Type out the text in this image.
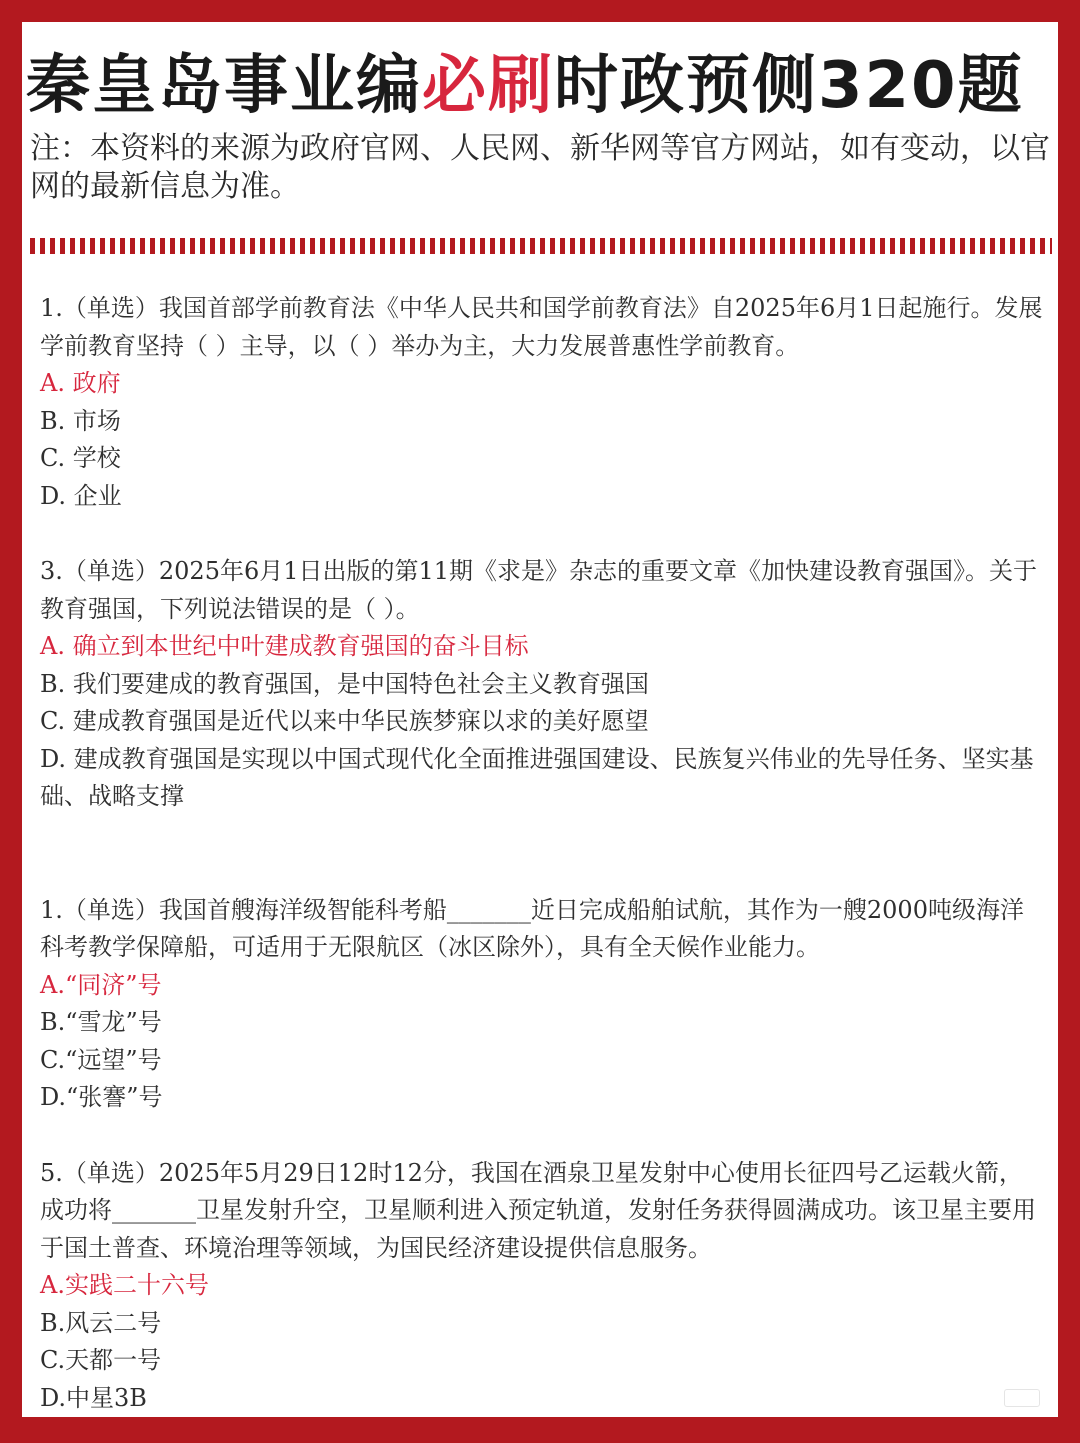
秦皇岛事业编必刷时政预侧320题
注：本资料的来源为政府官网、人民网、新华网等官方网站，如有变动，以官网的最新信息为准。

1.（单选）我国首部学前教育法《中华人民共和国学前教育法》自2025年6月1日起施行。发展学前教育坚持（ ）主导，以（ ）举办为主，大力发展普惠性学前教育。

A. 政府

B. 市场

C. 学校

D. 企业

3.（单选）2025年6月1日出版的第11期《求是》杂志的重要文章《加快建设教育强国》。关于教育强国，下列说法错误的是（ ）。

A. 确立到本世纪中叶建成教育强国的奋斗目标

B. 我们要建成的教育强国，是中国特色社会主义教育强国

C. 建成教育强国是近代以来中华民族梦寐以求的美好愿望

D. 建成教育强国是实现以中国式现代化全面推进强国建设、民族复兴伟业的先导任务、坚实基础、战略支撑

1.（单选）我国首艘海洋级智能科考船_______近日完成船舶试航，其作为一艘2000吨级海洋科考教学保障船，可适用于无限航区（冰区除外），具有全天候作业能力。

A.“同济”号

B.“雪龙”号

C.“远望”号

D.“张謇”号

5.（单选）2025年5月29日12时12分，我国在酒泉卫星发射中心使用长征四号乙运载火箭，成功将_______卫星发射升空，卫星顺利进入预定轨道，发射任务获得圆满成功。该卫星主要用于国土普查、环境治理等领域，为国民经济建设提供信息服务。

A.实践二十六号

B.风云二号

C.天都一号

D.中星3B
